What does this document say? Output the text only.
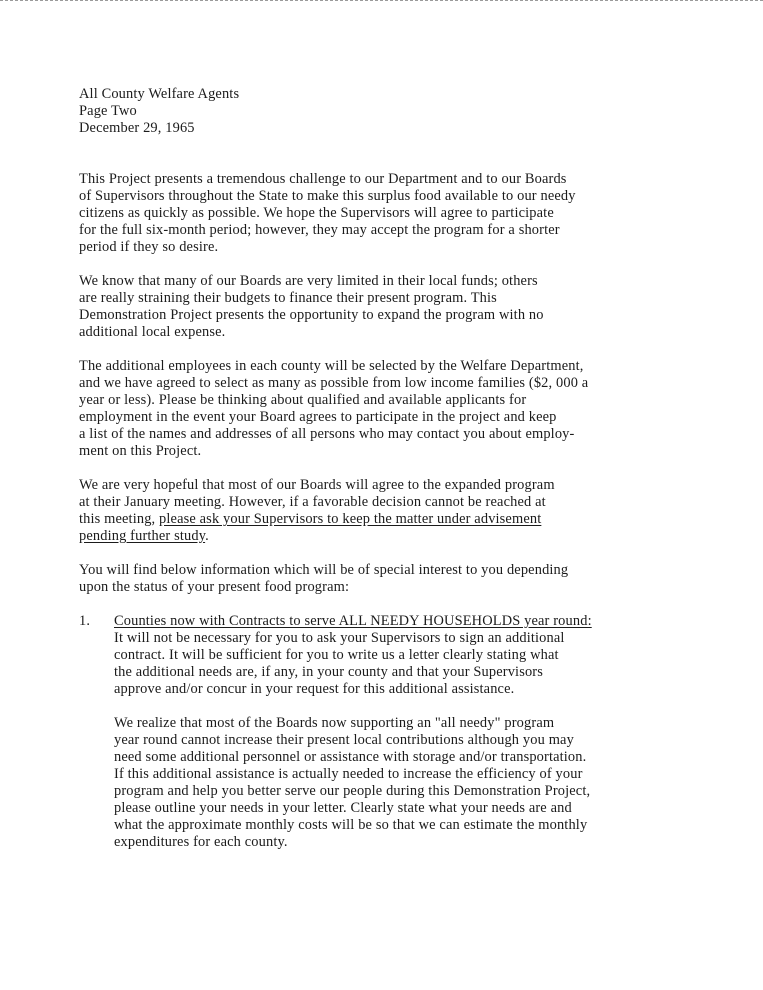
All County Welfare Agents
Page Two
December 29, 1965

This Project presents a tremendous challenge to our Department and to our Boards
of Supervisors throughout the State to make this surplus food available to our needy
citizens as quickly as possible. We hope the Supervisors will agree to participate
for the full six-month period; however, they may accept the program for a shorter
period if they so desire.

We know that many of our Boards are very limited in their local funds; others
are really straining their budgets to finance their present program. This
Demonstration Project presents the opportunity to expand the program with no
additional local expense.

The additional employees in each county will be selected by the Welfare Department,
and we have agreed to select as many as possible from low income families ($2, 000 a
year or less). Please be thinking about qualified and available applicants for
employment in the event your Board agrees to participate in the project and keep
a list of the names and addresses of all persons who may contact you about employ-
ment on this Project.

We are very hopeful that most of our Boards will agree to the expanded program
at their January meeting. However, if a favorable decision cannot be reached at
this meeting, please ask your Supervisors to keep the matter under advisement
pending further study.

You will find below information which will be of special interest to you depending
upon the status of your present food program:

1. Counties now with Contracts to serve ALL NEEDY HOUSEHOLDS year round:
It will not be necessary for you to ask your Supervisors to sign an additional
contract. It will be sufficient for you to write us a letter clearly stating what
the additional needs are, if any, in your county and that your Supervisors
approve and/or concur in your request for this additional assistance.

We realize that most of the Boards now supporting an "all needy" program
year round cannot increase their present local contributions although you may
need some additional personnel or assistance with storage and/or transportation.
If this additional assistance is actually needed to increase the efficiency of your
program and help you better serve our people during this Demonstration Project,
please outline your needs in your letter. Clearly state what your needs are and
what the approximate monthly costs will be so that we can estimate the monthly
expenditures for each county.
